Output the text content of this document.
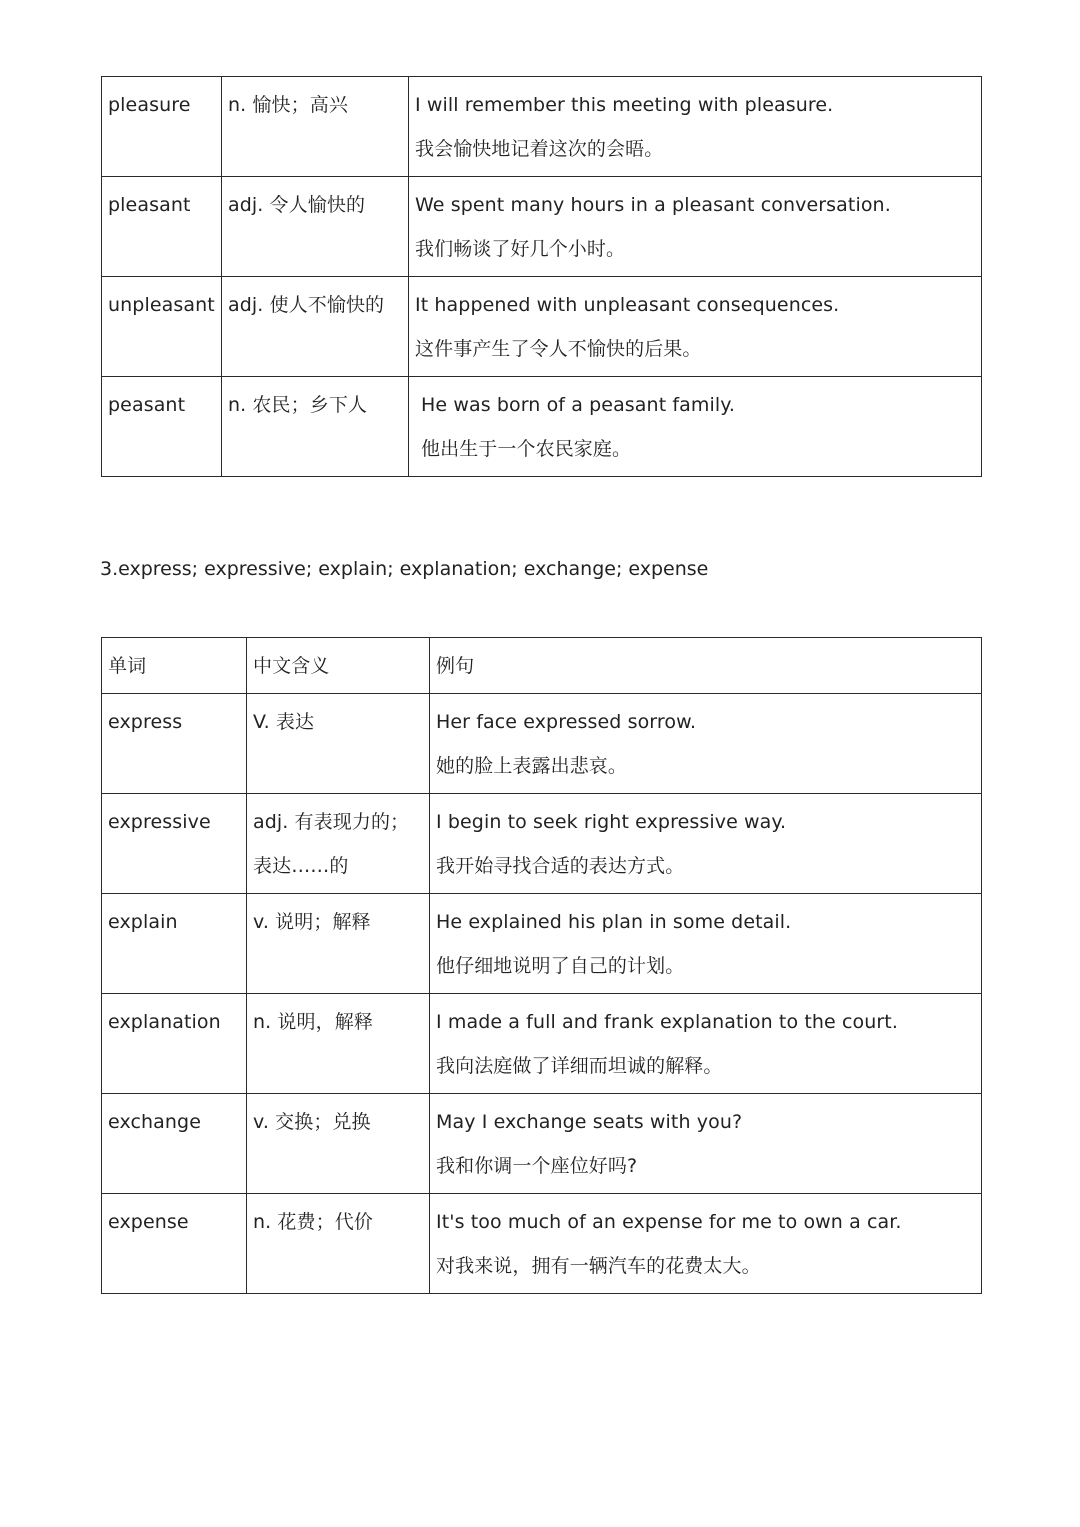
pleasure	n. 愉快；高兴	I will remember this meeting with pleasure.
我会愉快地记着这次的会晤。

pleasant	adj. 令人愉快的	We spent many hours in a pleasant conversation.
我们畅谈了好几个小时。

unpleasant	adj. 使人不愉快的	It happened with unpleasant consequences.
这件事产生了令人不愉快的后果。

peasant	n. 农民；乡下人	He was born of a peasant family.
他出生于一个农民家庭。

3.express; expressive; explain; explanation; exchange; expense

单词	中文含义	例句

express	V. 表达	Her face expressed sorrow.
她的脸上表露出悲哀。

expressive	adj. 有表现力的；
表达……的	I begin to seek right expressive way.
我开始寻找合适的表达方式。

explain	v. 说明；解释	He explained his plan in some detail.
他仔细地说明了自己的计划。

explanation	n. 说明，解释	I made a full and frank explanation to the court.
我向法庭做了详细而坦诚的解释。

exchange	v. 交换；兑换	May I exchange seats with you?
我和你调一个座位好吗?

expense	n. 花费；代价	It's too much of an expense for me to own a car.
对我来说，拥有一辆汽车的花费太大。
